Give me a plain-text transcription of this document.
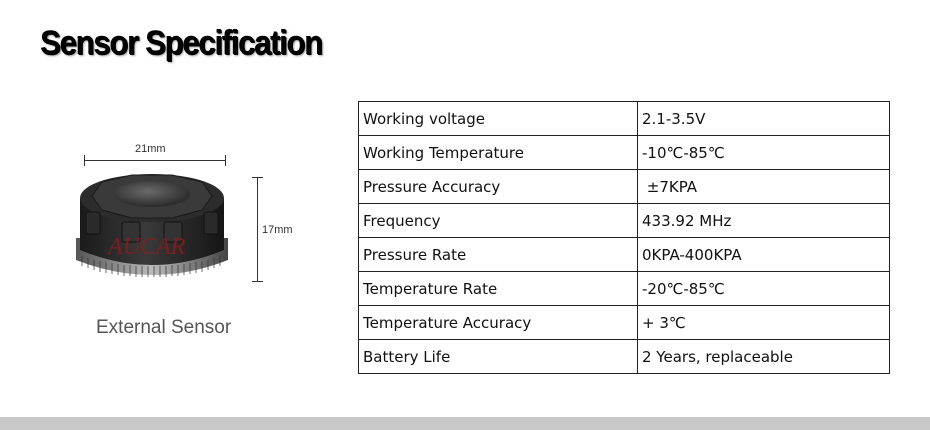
Sensor Specification
21mm
17mm
AUCAR
External Sensor
Working voltage	2.1-3.5V
Working Temperature	-10℃-85℃
Pressure Accuracy	±7KPA
Frequency	433.92 MHz
Pressure Rate	0KPA-400KPA
Temperature Rate	-20℃-85℃
Temperature Accuracy	+ 3℃
Battery Life	2 Years, replaceable
